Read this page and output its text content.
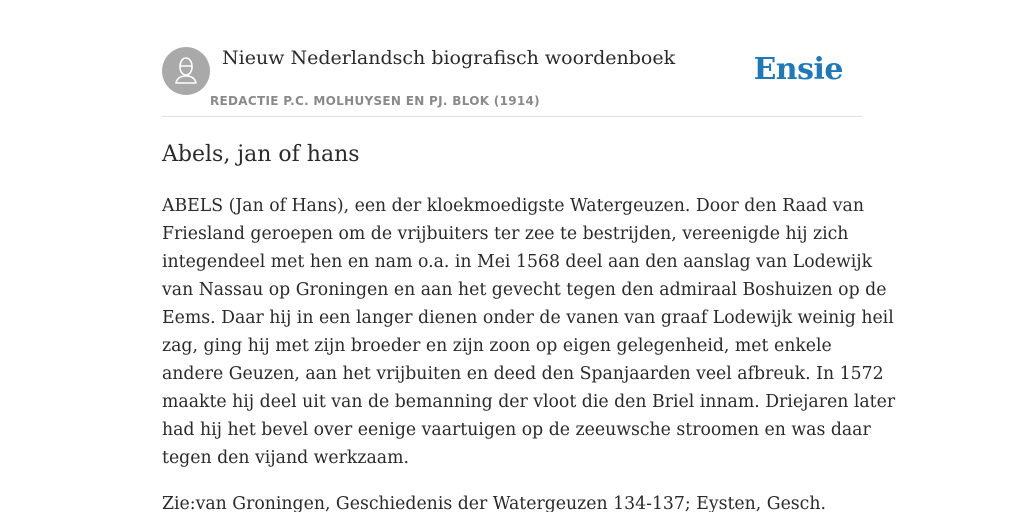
Nieuw Nederlandsch biografisch woordenboek
REDACTIE P.C. MOLHUYSEN EN PJ. BLOK (1914)
Ensie
Abels, jan of hans

ABELS (Jan of Hans), een der kloekmoedigste Watergeuzen. Door den Raad van
Friesland geroepen om de vrijbuiters ter zee te bestrijden, vereenigde hij zich
integendeel met hen en nam o.a. in Mei 1568 deel aan den aanslag van Lodewijk
van Nassau op Groningen en aan het gevecht tegen den admiraal Boshuizen op de
Eems. Daar hij in een langer dienen onder de vanen van graaf Lodewijk weinig heil
zag, ging hij met zijn broeder en zijn zoon op eigen gelegenheid, met enkele
andere Geuzen, aan het vrijbuiten en deed den Spanjaarden veel afbreuk. In 1572
maakte hij deel uit van de bemanning der vloot die den Briel innam. Driejaren later
had hij het bevel over eenige vaartuigen op de zeeuwsche stroomen en was daar
tegen den vijand werkzaam.

Zie:van Groningen, Geschiedenis der Watergeuzen 134-137; Eysten, Gesch.
